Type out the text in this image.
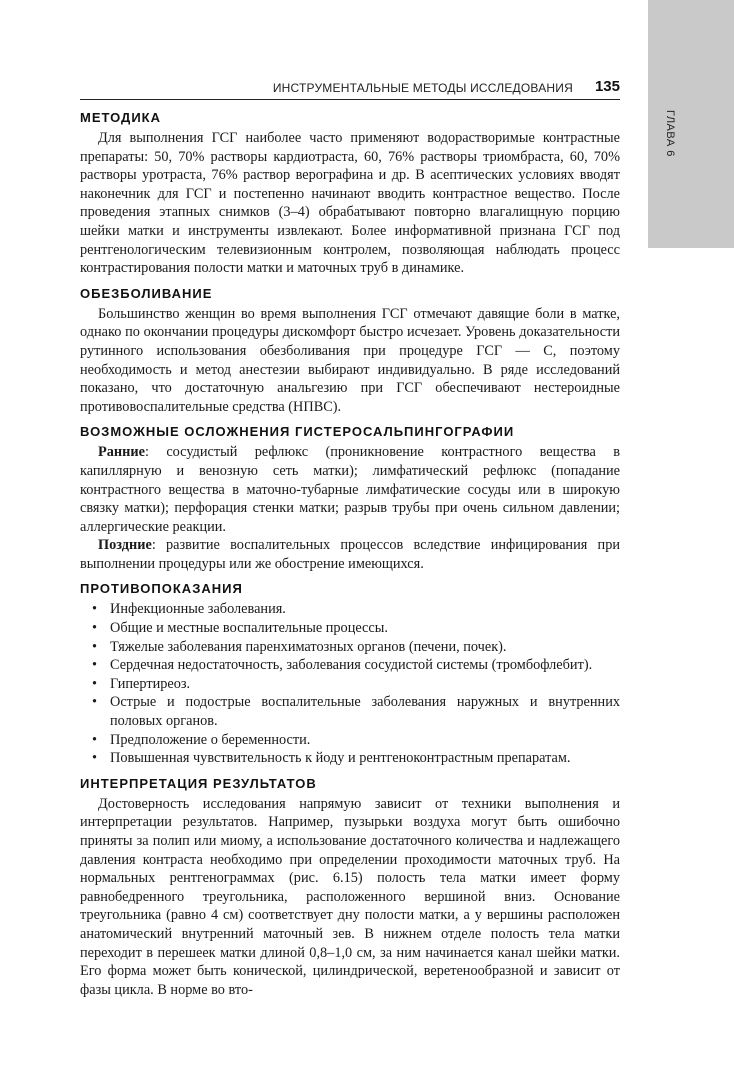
ГЛАВА 6
ИНСТРУМЕНТАЛЬНЫЕ МЕТОДЫ ИССЛЕДОВАНИЯ 135
МЕТОДИКА

Для выполнения ГСГ наиболее часто применяют водорастворимые контрастные препараты: 50, 70% растворы кардиотраста, 60, 76% растворы триомбраста, 60, 70% растворы уротраста, 76% раствор верографина и др. В асептических условиях вводят наконечник для ГСГ и постепенно начинают вводить контрастное вещество. После проведения этапных снимков (3–4) обрабатывают повторно влагалищную порцию шейки матки и инструменты извлекают. Более информативной признана ГСГ под рентгенологическим телевизионным контролем, позволяющая наблюдать процесс контрастирования полости матки и маточных труб в динамике.

ОБЕЗБОЛИВАНИЕ

Большинство женщин во время выполнения ГСГ отмечают давящие боли в матке, однако по окончании процедуры дискомфорт быстро исчезает. Уровень доказательности рутинного использования обезболивания при процедуре ГСГ — С, поэтому необходимость и метод анестезии выбирают индивидуально. В ряде исследований показано, что достаточную анальгезию при ГСГ обеспечивают нестероидные противовоспалительные средства (НПВС).

ВОЗМОЖНЫЕ ОСЛОЖНЕНИЯ ГИСТЕРОСАЛЬПИНГОГРАФИИ

Ранние: сосудистый рефлюкс (проникновение контрастного вещества в капиллярную и венозную сеть матки); лимфатический рефлюкс (попадание контрастного вещества в маточно-тубарные лимфатические сосуды или в широкую связку матки); перфорация стенки матки; разрыв трубы при очень сильном давлении; аллергические реакции.

Поздние: развитие воспалительных процессов вследствие инфицирования при выполнении процедуры или же обострение имеющихся.

ПРОТИВОПОКАЗАНИЯ
• Инфекционные заболевания.
• Общие и местные воспалительные процессы.
• Тяжелые заболевания паренхиматозных органов (печени, почек).
• Сердечная недостаточность, заболевания сосудистой системы (тромбофлебит).
• Гипертиреоз.
• Острые и подострые воспалительные заболевания наружных и внутренних половых органов.
• Предположение о беременности.
• Повышенная чувствительность к йоду и рентгеноконтрастным препаратам.
ИНТЕРПРЕТАЦИЯ РЕЗУЛЬТАТОВ

Достоверность исследования напрямую зависит от техники выполнения и интерпретации результатов. Например, пузырьки воздуха могут быть ошибочно приняты за полип или миому, а использование достаточного количества и надлежащего давления контраста необходимо при определении проходимости маточных труб. На нормальных рентгенограммах (рис. 6.15) полость тела матки имеет форму равнобедренного треугольника, расположенного вершиной вниз. Основание треугольника (равно 4 см) соответствует дну полости матки, а у вершины расположен анатомический внутренний маточный зев. В нижнем отделе полость тела матки переходит в перешеек матки длиной 0,8–1,0 см, за ним начинается канал шейки матки. Его форма может быть конической, цилиндрической, веретенообразной и зависит от фазы цикла. В норме во вто-
